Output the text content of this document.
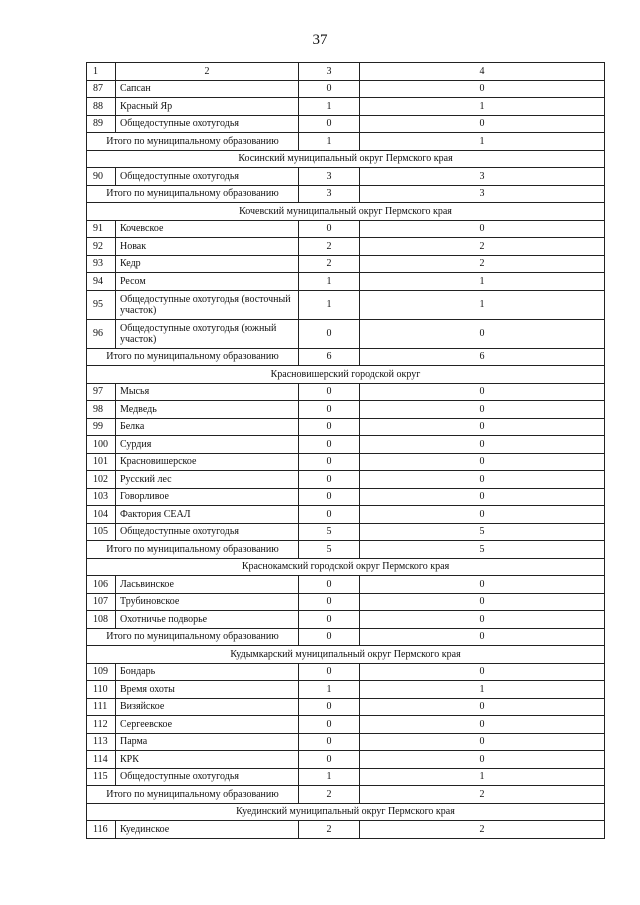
37
1	2	3	4
87	Сапсан	0	0
88	Красный Яр	1	1
89	Общедоступные охотугодья	0	0
Итого по муниципальному образованию		1	1
Косинский муниципальный округ Пермского края			
90	Общедоступные охотугодья	3	3
Итого по муниципальному образованию		3	3
Кочевский муниципальный округ Пермского края			
91	Кочевское	0	0
92	Новак	2	2
93	Кедр	2	2
94	Ресом	1	1
95	Общедоступные охотугодья (восточный участок)	1	1
96	Общедоступные охотугодья (южный участок)	0	0
Итого по муниципальному образованию		6	6
Красновишерский городской округ			
97	Мысья	0	0
98	Медведь	0	0
99	Белка	0	0
100	Сурдия	0	0
101	Красновишерское	0	0
102	Русский лес	0	0
103	Говорливое	0	0
104	Фактория СЕАЛ	0	0
105	Общедоступные охотугодья	5	5
Итого по муниципальному образованию		5	5
Краснокамский городской округ Пермского края			
106	Ласьвинское	0	0
107	Трубиновское	0	0
108	Охотничье подворье	0	0
Итого по муниципальному образованию		0	0
Кудымкарский муниципальный округ Пермского края			
109	Бондарь	0	0
110	Время охоты	1	1
111	Визяйское	0	0
112	Сергеевское	0	0
113	Парма	0	0
114	КРК	0	0
115	Общедоступные охотугодья	1	1
Итого по муниципальному образованию		2	2
Куединский муниципальный округ Пермского края			
116	Куединское	2	2
